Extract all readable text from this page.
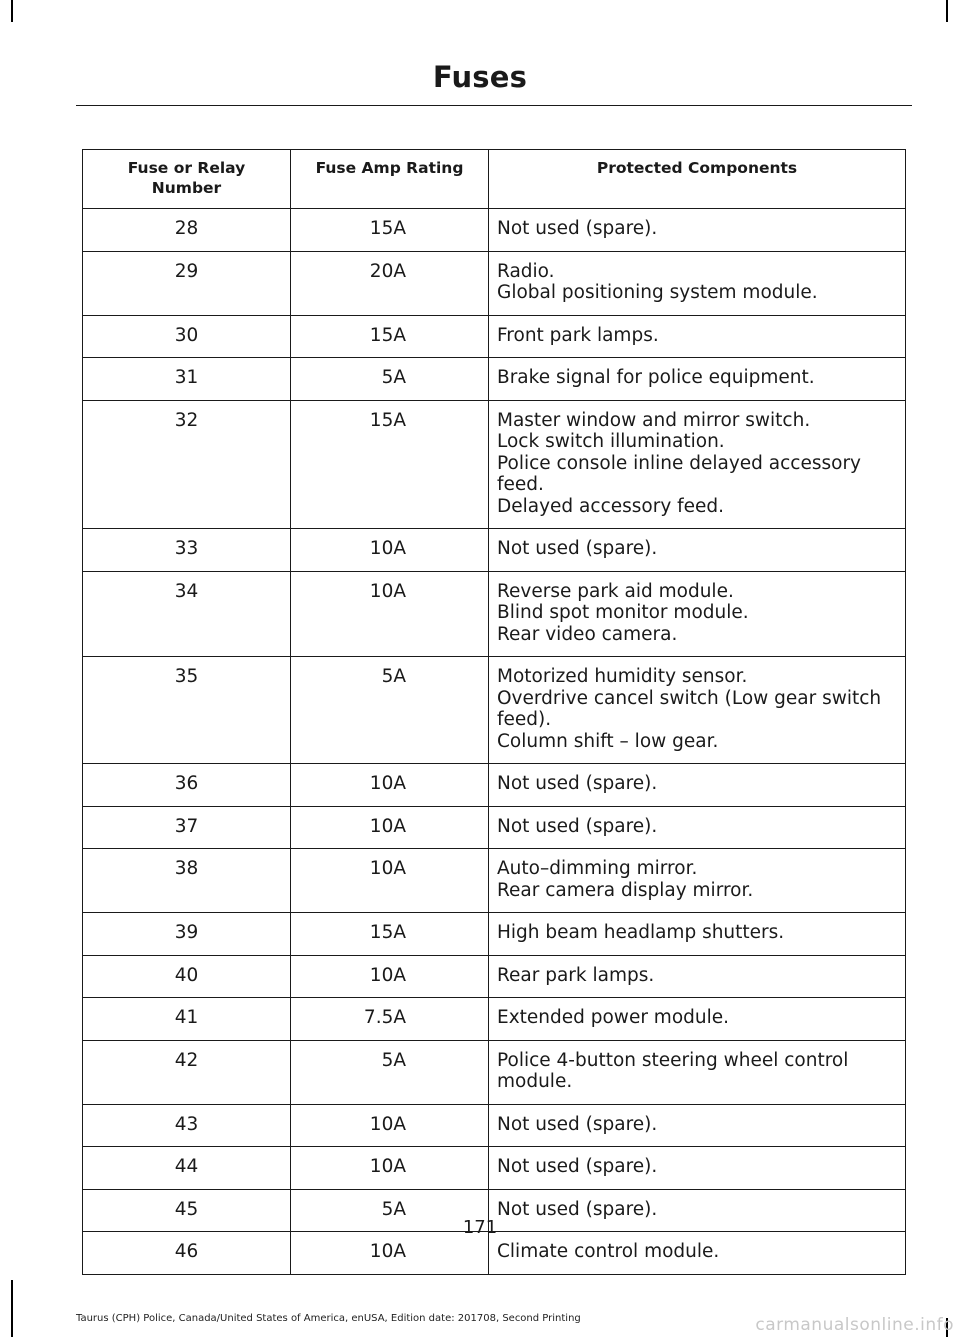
Fuses
Fuse or Relay
Number	Fuse Amp Rating	Protected Components
28	15A	Not used (spare).

29	20A	Radio.
Global positioning system module.

30	15A	Front park lamps.

31	5A	Brake signal for police equipment.

32	15A	Master window and mirror switch.
Lock switch illumination.
Police console inline delayed accessory feed.
Delayed accessory feed.

33	10A	Not used (spare).

34	10A	Reverse park aid module.
Blind spot monitor module.
Rear video camera.

35	5A	Motorized humidity sensor.
Overdrive cancel switch (Low gear switch feed).
Column shift – low gear.

36	10A	Not used (spare).

37	10A	Not used (spare).

38	10A	Auto–dimming mirror.
Rear camera display mirror.

39	15A	High beam headlamp shutters.

40	10A	Rear park lamps.

41	7.5A	Extended power module.

42	5A	Police 4-button steering wheel control module.

43	10A	Not used (spare).

44	10A	Not used (spare).

45	5A	Not used (spare).

46	10A	Climate control module.
171
Taurus (CPH) Police, Canada/United States of America, enUSA, Edition date: 201708, Second Printing	carmanualsonline.info
